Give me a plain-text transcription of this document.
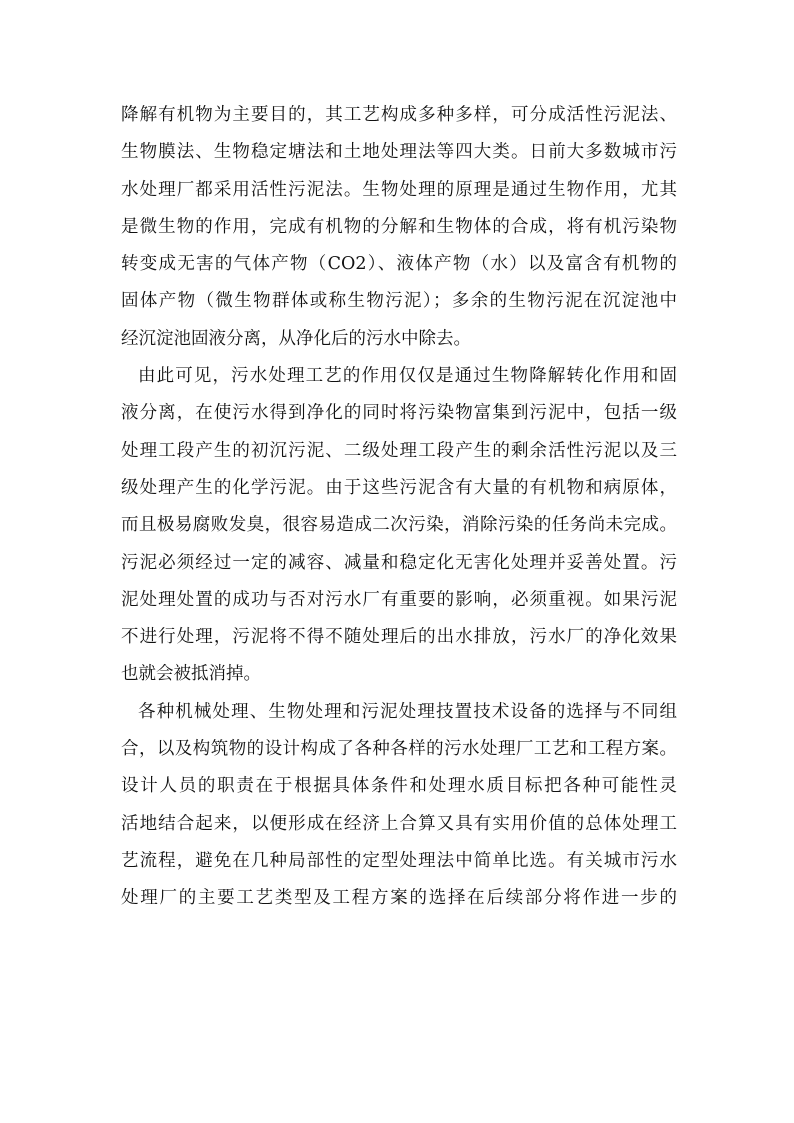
降解有机物为主要目的，其工艺构成多种多样，可分成活性污泥法、
生物膜法、生物稳定塘法和土地处理法等四大类。日前大多数城市污
水处理厂都采用活性污泥法。生物处理的原理是通过生物作用，尤其
是微生物的作用，完成有机物的分解和生物体的合成，将有机污染物
转变成无害的气体产物（CO2）、液体产物（水）以及富含有机物的
固体产物（微生物群体或称生物污泥）；多余的生物污泥在沉淀池中
经沉淀池固液分离，从净化后的污水中除去。
由此可见，污水处理工艺的作用仅仅是通过生物降解转化作用和固
液分离，在使污水得到净化的同时将污染物富集到污泥中，包括一级
处理工段产生的初沉污泥、二级处理工段产生的剩余活性污泥以及三
级处理产生的化学污泥。由于这些污泥含有大量的有机物和病原体，
而且极易腐败发臭，很容易造成二次污染，消除污染的任务尚未完成。
污泥必须经过一定的减容、减量和稳定化无害化处理并妥善处置。污
泥处理处置的成功与否对污水厂有重要的影响，必须重视。如果污泥
不进行处理，污泥将不得不随处理后的出水排放，污水厂的净化效果
也就会被抵消掉。
各种机械处理、生物处理和污泥处理技置技术设备的选择与不同组
合，以及构筑物的设计构成了各种各样的污水处理厂工艺和工程方案。
设计人员的职责在于根据具体条件和处理水质目标把各种可能性灵
活地结合起来，以便形成在经济上合算又具有实用价值的总体处理工
艺流程，避免在几种局部性的定型处理法中简单比选。有关城市污水
处理厂的主要工艺类型及工程方案的选择在后续部分将作进一步的
